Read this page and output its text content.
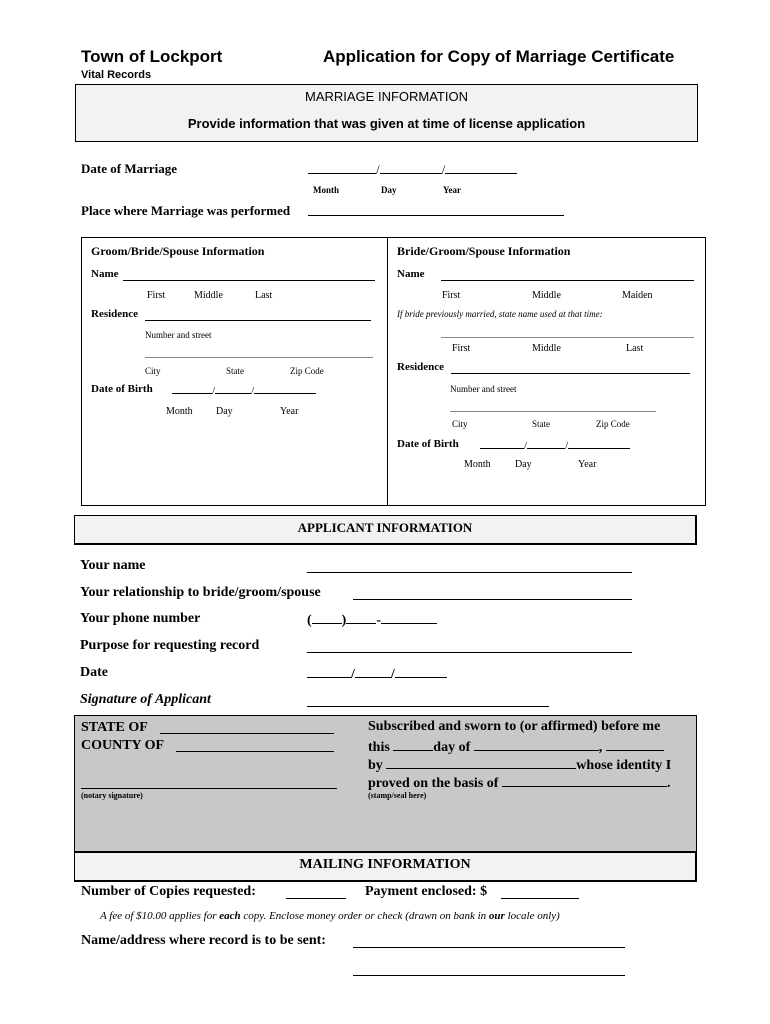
Town of Lockport
Vital Records
Application for Copy of Marriage Certificate
MARRIAGE INFORMATION
Provide information that was given at time of license application
Date of Marriage	/	/
Month	Day	Year
Place where Marriage was performed
Groom/Bride/Spouse Information
Name
First	Middle	Last
Residence
Number and street
City	State	Zip Code
Date of Birth	/	/
Month Day	Year
Bride/Groom/Spouse Information
Name
First	Middle	Maiden
If bride previously married, state name used at that time:
First	Middle	Last
Residence
Number and street
City	State	Zip Code
Date of Birth	/	/
Month Day	Year
APPLICANT INFORMATION
Your name
Your relationship to bride/groom/spouse
Your phone number	( ) -
Purpose for requesting record
Date	/	/
Signature of Applicant
STATE OF
COUNTY OF
(notary signature)
Subscribed and sworn to (or affirmed) before me
this	day of	,
by	whose identity I
proved on the basis of	.
(stamp/seal here)
MAILING INFORMATION
Number of Copies requested:	Payment enclosed: $
A fee of $10.00 applies for each copy. Enclose money order or check (drawn on bank in our locale only)
Name/address where record is to be sent:
